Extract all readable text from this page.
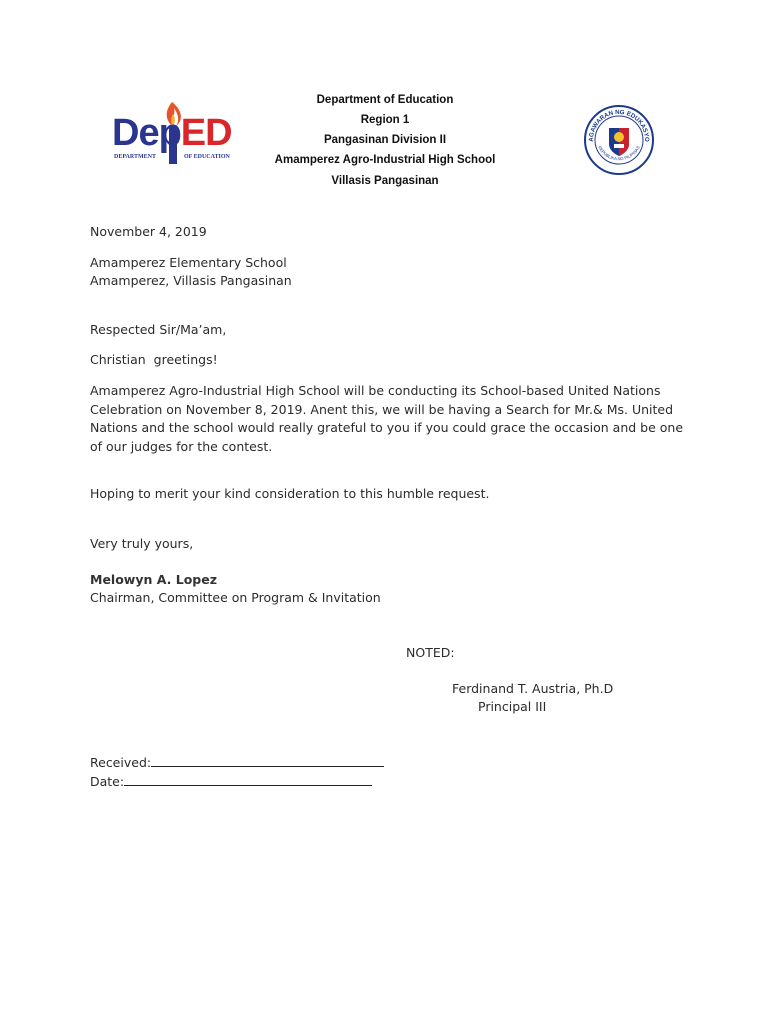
DepED
DEPARTMENT	OF EDUCATION
Department of Education
Region 1
Pangasinan Division II
Amamperez Agro-Industrial High School
Villasis Pangasinan
AGAWARAN NG EDUKASYO
REPUBLIKA NG PILIPINAS
November 4, 2019
Amamperez Elementary School
Amamperez, Villasis Pangasinan
Respected Sir/Ma’am,
Christian  greetings!
Amamperez Agro-Industrial High School will be conducting its School-based United Nations Celebration on November 8, 2019. Anent this, we will be having a Search for Mr.& Ms. United Nations and the school would really grateful to you if you could grace the occasion and be one of our judges for the contest.
Hoping to merit your kind consideration to this humble request.
Very truly yours,
Melowyn A. Lopez
Chairman, Committee on Program & Invitation
NOTED:
Ferdinand T. Austria, Ph.D
Principal III
Received:
Date:
